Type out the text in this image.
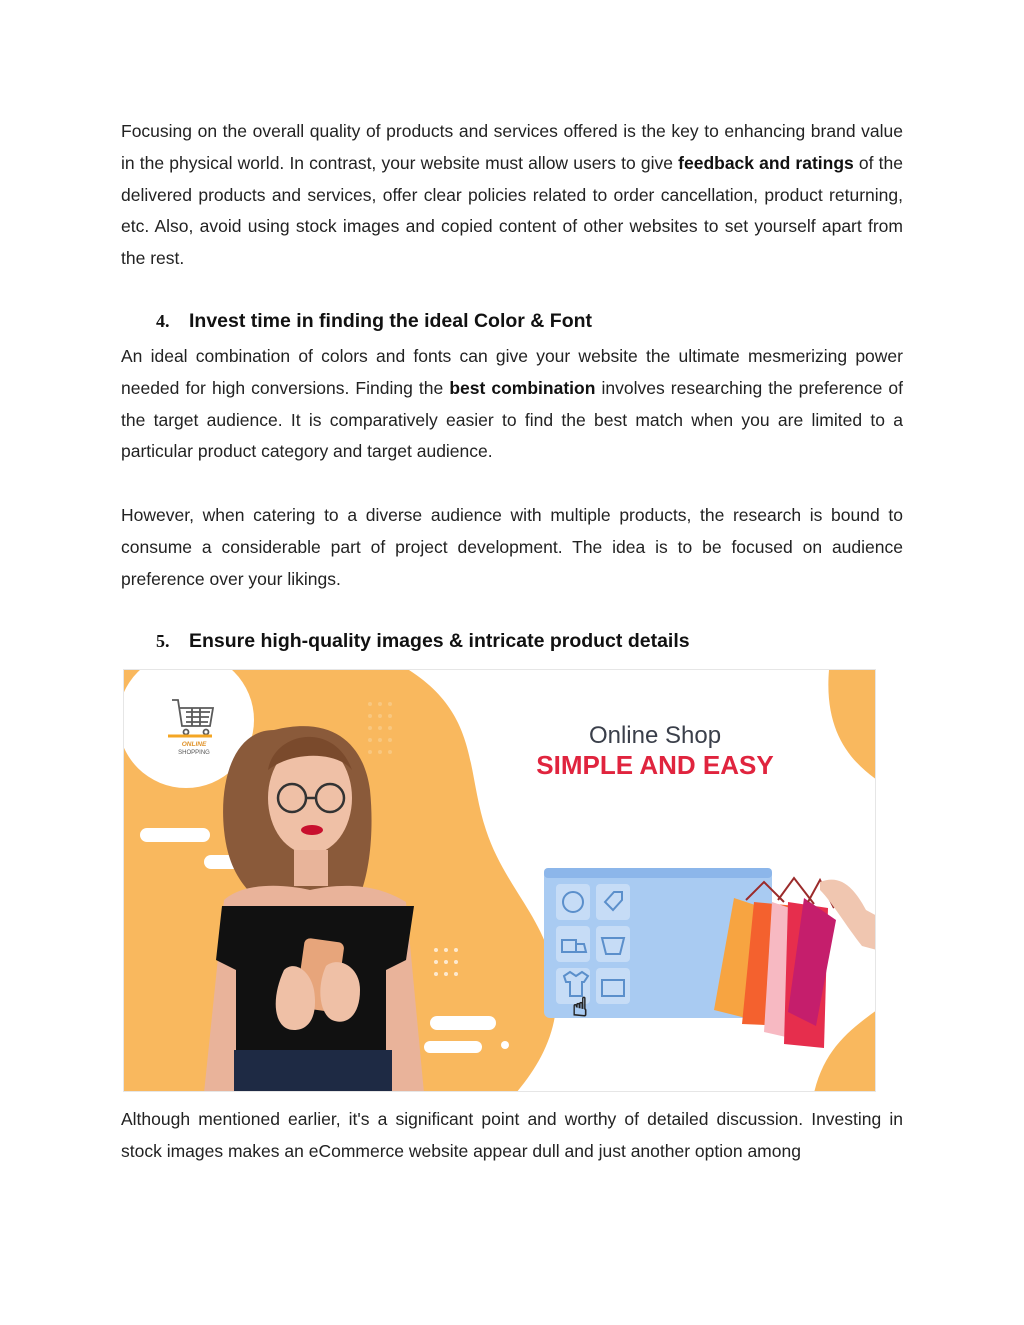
Focusing on the overall quality of products and services offered is the key to enhancing brand value in the physical world. In contrast, your website must allow users to give feedback and ratings of the delivered products and services, offer clear policies related to order cancellation, product returning, etc. Also, avoid using stock images and copied content of other websites to set yourself apart from the rest.

4.	Invest time in finding the ideal Color & Font

An ideal combination of colors and fonts can give your website the ultimate mesmerizing power needed for high conversions. Finding the best combination involves researching the preference of the target audience. It is comparatively easier to find the best match when you are limited to a particular product category and target audience.

However, when catering to a diverse audience with multiple products, the research is bound to consume a considerable part of project development. The idea is to be focused on audience preference over your likings.

5.	Ensure high-quality images & intricate product details
ONLINE
SHOPPING
Online Shop
SIMPLE AND EASY
☝

Although mentioned earlier, it's a significant point and worthy of detailed discussion. Investing in stock images makes an eCommerce website appear dull and just another option among
